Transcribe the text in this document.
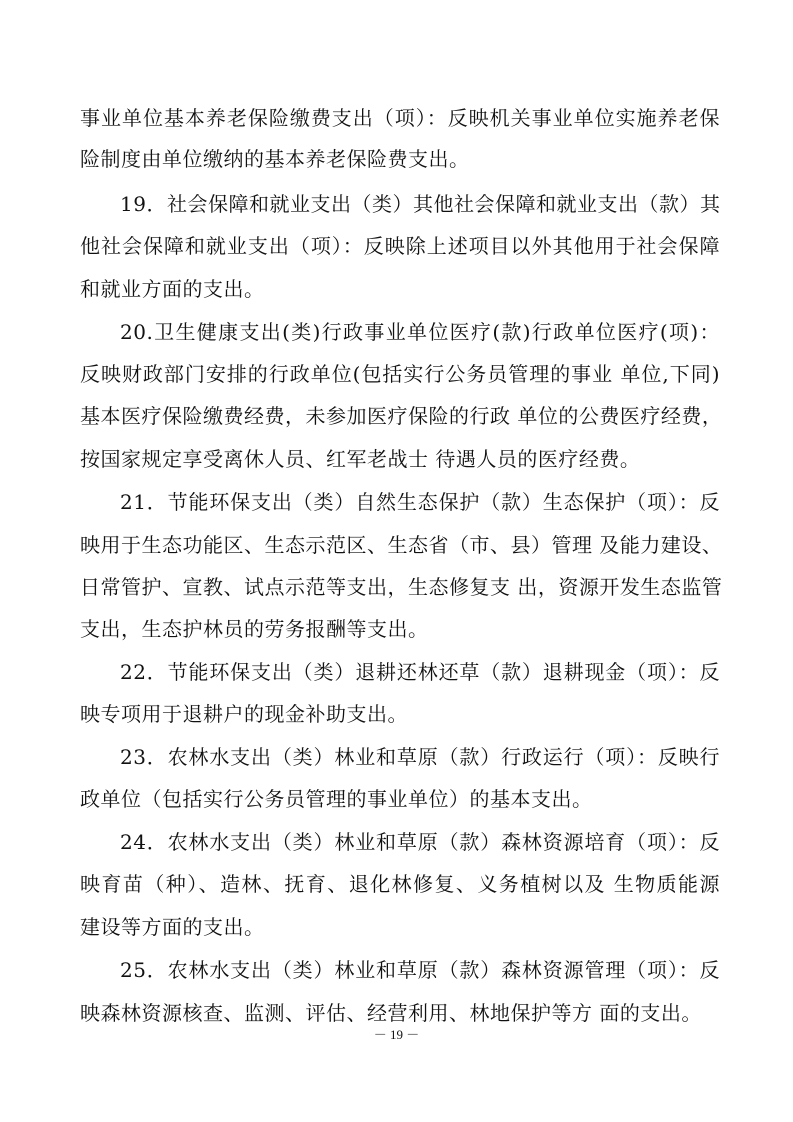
事业单位基本养老保险缴费支出（项）：反映机关事业单位实施养老保
险制度由单位缴纳的基本养老保险费支出。
19．社会保障和就业支出（类）其他社会保障和就业支出（款）其
他社会保障和就业支出（项）：反映除上述项目以外其他用于社会保障
和就业方面的支出。
20.卫生健康支出(类)行政事业单位医疗(款)行政单位医疗(项)：
反映财政部门安排的行政单位(包括实行公务员管理的事业 单位,下同)
基本医疗保险缴费经费，未参加医疗保险的行政 单位的公费医疗经费，
按国家规定享受离休人员、红军老战士 待遇人员的医疗经费。
21．节能环保支出（类）自然生态保护（款）生态保护（项）：反
映用于生态功能区、生态示范区、生态省（市、县）管理 及能力建设、
日常管护、宣教、试点示范等支出，生态修复支 出，资源开发生态监管
支出，生态护林员的劳务报酬等支出。
22．节能环保支出（类）退耕还林还草（款）退耕现金（项）：反
映专项用于退耕户的现金补助支出。
23．农林水支出（类）林业和草原（款）行政运行（项）：反映行
政单位（包括实行公务员管理的事业单位）的基本支出。
24．农林水支出（类）林业和草原（款）森林资源培育（项）：反
映育苗（种）、造林、抚育、退化林修复、义务植树以及 生物质能源
建设等方面的支出。
25．农林水支出（类）林业和草原（款）森林资源管理（项）：反
映森林资源核查、监测、评估、经营利用、林地保护等方 面的支出。
－ 19 －
